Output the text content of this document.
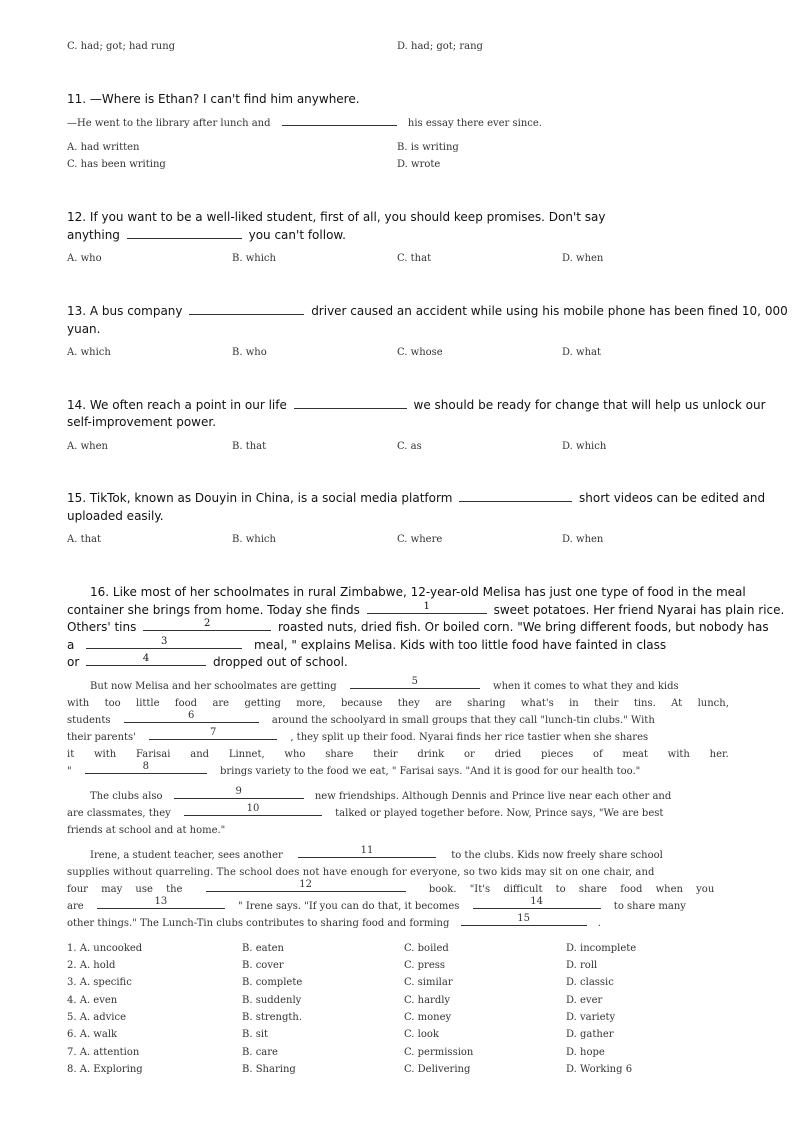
C. had; got; had rung	D. had; got; rang
11. —Where is Ethan? I can't find him anywhere.
—He went to the library after lunch and	his essay there ever since.
A. had written	B. is writing
C. has been writing	D. wrote
12. If you want to be a well-liked student, first of all, you should keep promises. Don't say
anything	you can't follow.
A. who	B. which	C. that	D. when
13. A bus company	driver caused an accident while using his mobile phone has been fined 10, 000
yuan.
A. which	B. who	C. whose	D. what
14. We often reach a point in our life	we should be ready for change that will help us unlock our
self-improvement power.
A. when	B. that	C. as	D. which
15. TikTok, known as Douyin in China, is a social media platform	short videos can be edited and
uploaded easily.
A. that	B. which	C. where	D. when
16. Like most of her schoolmates in rural Zimbabwe, 12-year-old Melisa has just one type of food in the meal
container she brings from home. Today she finds	1	sweet potatoes. Her friend Nyarai has plain rice.
Others' tins	2	roasted nuts, dried fish. Or boiled corn. "We bring different foods, but nobody has
a	3	meal, " explains Melisa. Kids with too little food have fainted in class
or	4	dropped out of school.
But now Melisa and her schoolmates are getting	5	when it comes to what they and kids
with too little food are getting more, because they are sharing what's in their tins. At lunch,
students	6	around the schoolyard in small groups that they call "lunch-tin clubs." With
their parents'	7	, they split up their food. Nyarai finds her rice tastier when she shares
it with Farisai and Linnet, who share their drink or dried pieces of meat with her.
"	8	brings variety to the food we eat, " Farisai says. "And it is good for our health too."
The clubs also	9	new friendships. Although Dennis and Prince live near each other and
are classmates, they	10	talked or played together before. Now, Prince says, "We are best
friends at school and at home."
Irene, a student teacher, sees another	11	to the clubs. Kids now freely share school
supplies without quarreling. The school does not have enough for everyone, so two kids may sit on one chair, and
four may use the	12	book. "It's difficult to share food when you
are	13	" Irene says. "If you can do that, it becomes	14	to share many
other things." The Lunch-Tin clubs contributes to sharing food and forming	15	.
1. A. uncooked	B. eaten	C. boiled	D. incomplete
2. A. hold	B. cover	C. press	D. roll
3. A. specific	B. complete	C. similar	D. classic
4. A. even	B. suddenly	C. hardly	D. ever
5. A. advice	B. strength.	C. money	D. variety
6. A. walk	B. sit	C. look	D. gather
7. A. attention	B. care	C. permission	D. hope
8. A. Exploring	B. Sharing	C. Delivering	D. Working 6
